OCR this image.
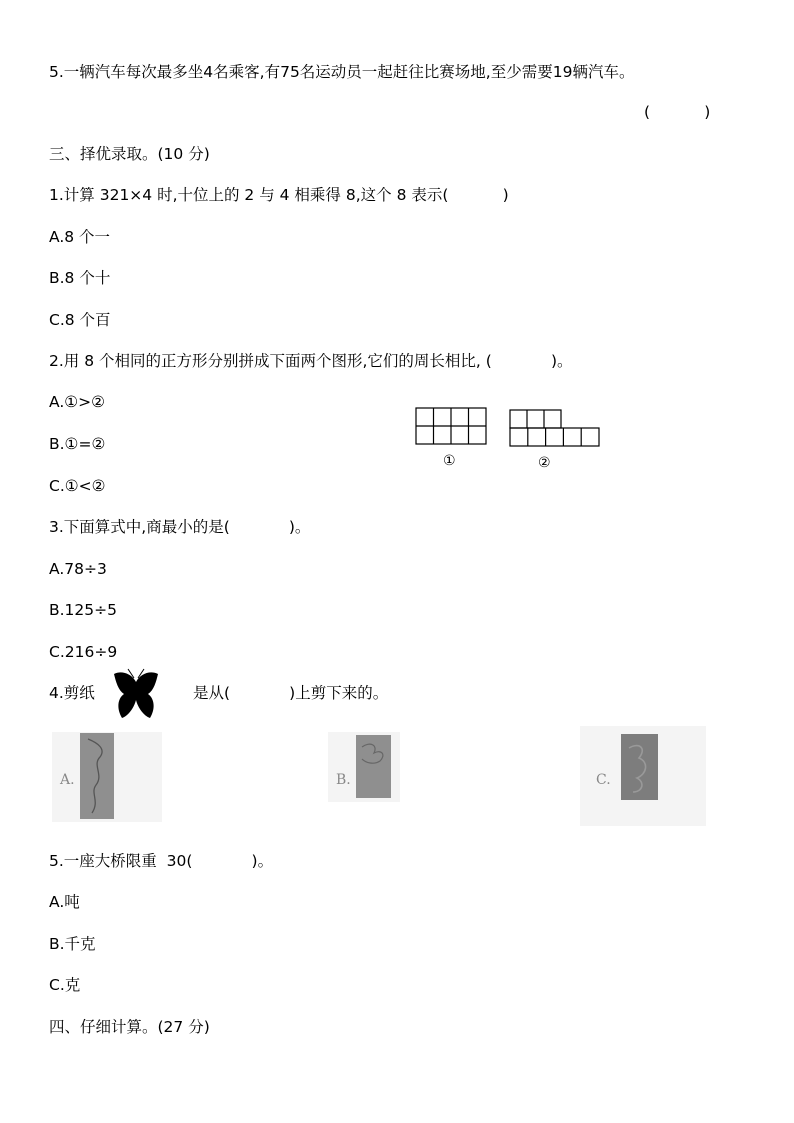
5.一辆汽车每次最多坐4名乘客,有75名运动员一起赶往比赛场地,至少需要19辆汽车。
(           )
三、择优录取。(10 分)
1.计算 321×4 时,十位上的 2 与 4 相乘得 8,这个 8 表示(           )
A.8 个一
B.8 个十
C.8 个百
2.用 8 个相同的正方形分别拼成下面两个图形,它们的周长相比, (            )。
A.①>②
B.①=②
C.①<②
①	②
3.下面算式中,商最小的是(            )。
A.78÷3
B.125÷5
C.216÷9
4.剪纸	是从(            )上剪下来的。
A.	B.	C.
5.一座大桥限重  30(            )。
A.吨
B.千克
C.克
四、仔细计算。(27 分)
